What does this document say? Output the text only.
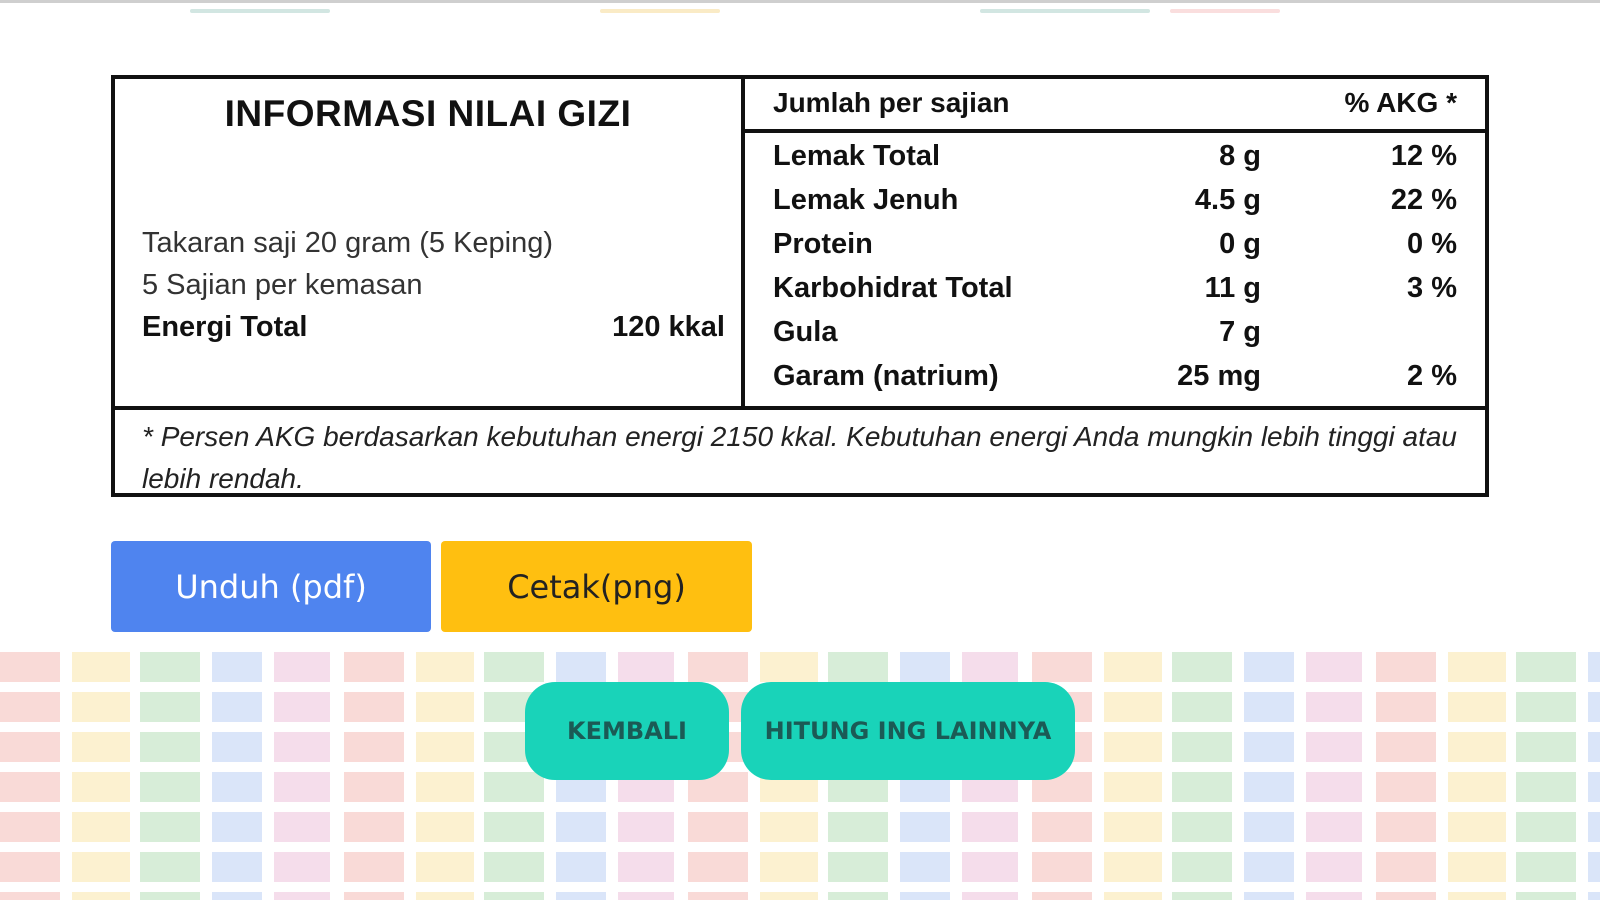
INFORMASI NILAI GIZI
Takaran saji 20 gram (5 Keping)
5 Sajian per kemasan
Energi Total	120 kkal
Jumlah per sajian	% AKG *
Lemak Total	8 g	12 %
Lemak Jenuh	4.5 g	22 %
Protein	0 g	0 %
Karbohidrat Total	11 g	3 %
Gula	7 g
Garam (natrium)	25 mg	2 %
* Persen AKG berdasarkan kebutuhan energi 2150 kkal. Kebutuhan energi Anda mungkin lebih tinggi atau lebih rendah.
Unduh (pdf)	Cetak(png)
KEMBALI	HITUNG ING LAINNYA
